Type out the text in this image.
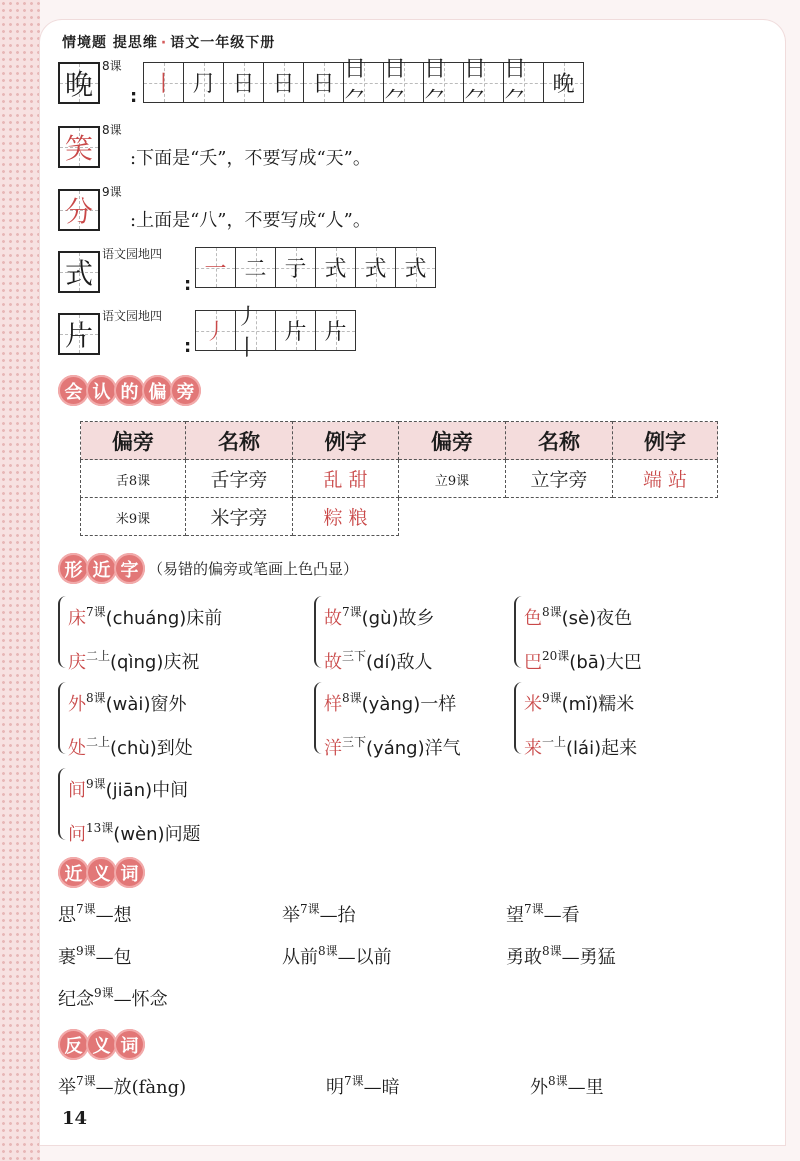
情境题 提思维 · 语文一年级下册
晚
8课
: 丨 ⺆ 日 日 日
日⺈
日⺈
日⺈
日⺈
日⺈
晚
笑
8课
:下面是“夭”，不要写成“天”。
分
9课
:上面是“八”，不要写成“人”。
式
语文园地四
:
一 二 亍 式 式 式
片
语文园地四
:
丿
丿丨
片 片
会 认 的 偏 旁
偏旁	名称	例字	偏旁	名称	例字
舌8课	舌字旁	乱 甜	立9课	立字旁	端 站
米9课	米字旁	粽 粮			
形 近 字 （易错的偏旁或笔画上色凸显）
床$^{7课}$(chuáng)床前
庆$^{二上}$(qìng)庆祝
故$^{7课}$(gù)故乡
故$^{三下}$(dí)敌人
色$^{8课}$(sè)夜色
巴$^{20课}$(bā)大巴
外$^{8课}$(wài)窗外
处$^{二上}$(chù)到处
样$^{8课}$(yàng)一样
洋$^{三下}$(yáng)洋气
米$^{9课}$(mǐ)糯米
来$^{一上}$(lái)起来
间$^{9课}$(jiān)中间
问$^{13课}$(wèn)问题
近 义 词
思$^{7课}$—想	举$^{7课}$—抬	望$^{7课}$—看
裹$^{9课}$—包	从前$^{8课}$—以前	勇敢$^{8课}$—勇猛
纪念$^{9课}$—怀念
反 义 词
举$^{7课}$—放(fàng)	明$^{7课}$—暗	外$^{8课}$—里
14
